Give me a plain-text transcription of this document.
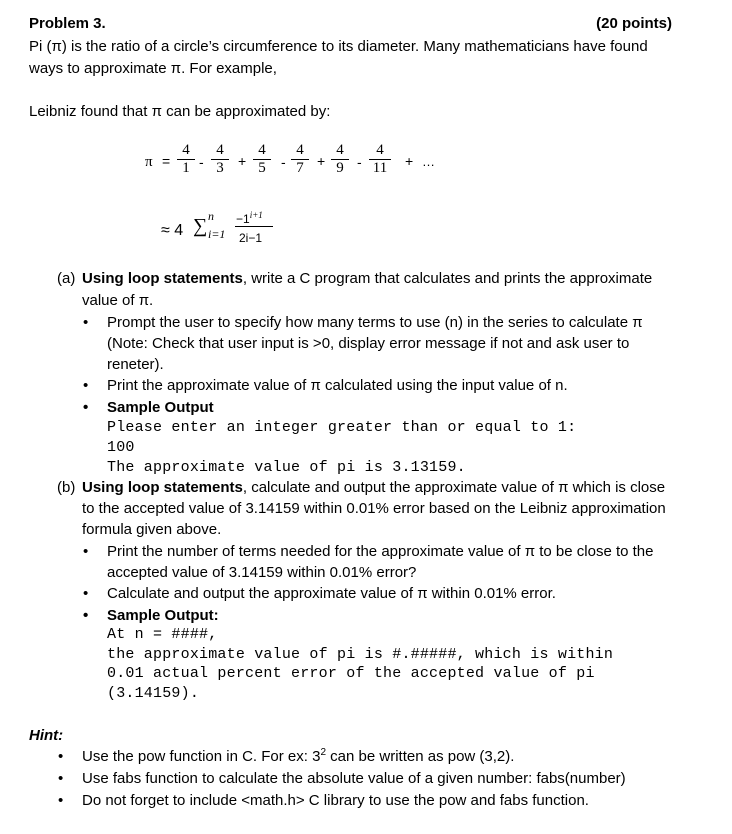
Problem 3.	(20 points)
Pi (π) is the ratio of a circle’s circumference to its diameter. Many mathematicians have found
ways to approximate π. For example,
Leibniz found that π can be approximated by:
π =
4
1 -
4
3	+
4
5	-
4
7 +
4
9 -
4
11	+ …
≈ 4 ∑ n
i=1
$-1^{i+1}$
2i−1
(a) Using loop statements, write a C program that calculates and prints the approximate
value of π.
• Prompt the user to specify how many terms to use (n) in the series to calculate π
(Note: Check that user input is >0, display error message if not and ask user to
reneter).
• Print the approximate value of π calculated using the input value of n.
• Sample Output
Please enter an integer greater than or equal to 1:
100
The approximate value of pi is 3.13159.
(b) Using loop statements, calculate and output the approximate value of π which is close
to the accepted value of 3.14159 within 0.01% error based on the Leibniz approximation
formula given above.
• Print the number of terms needed for the approximate value of π to be close to the
accepted value of 3.14159 within 0.01% error?
• Calculate and output the approximate value of π within 0.01% error.
• Sample Output:
At n = ####,
the approximate value of pi is #.#####, which is within
0.01 actual percent error of the accepted value of pi
(3.14159).
Hint:
• Use the pow function in C. For ex: $3^2$ can be written as pow (3,2).
• Use fabs function to calculate the absolute value of a given number: fabs(number)
• Do not forget to include <math.h> C library to use the pow and fabs function.
